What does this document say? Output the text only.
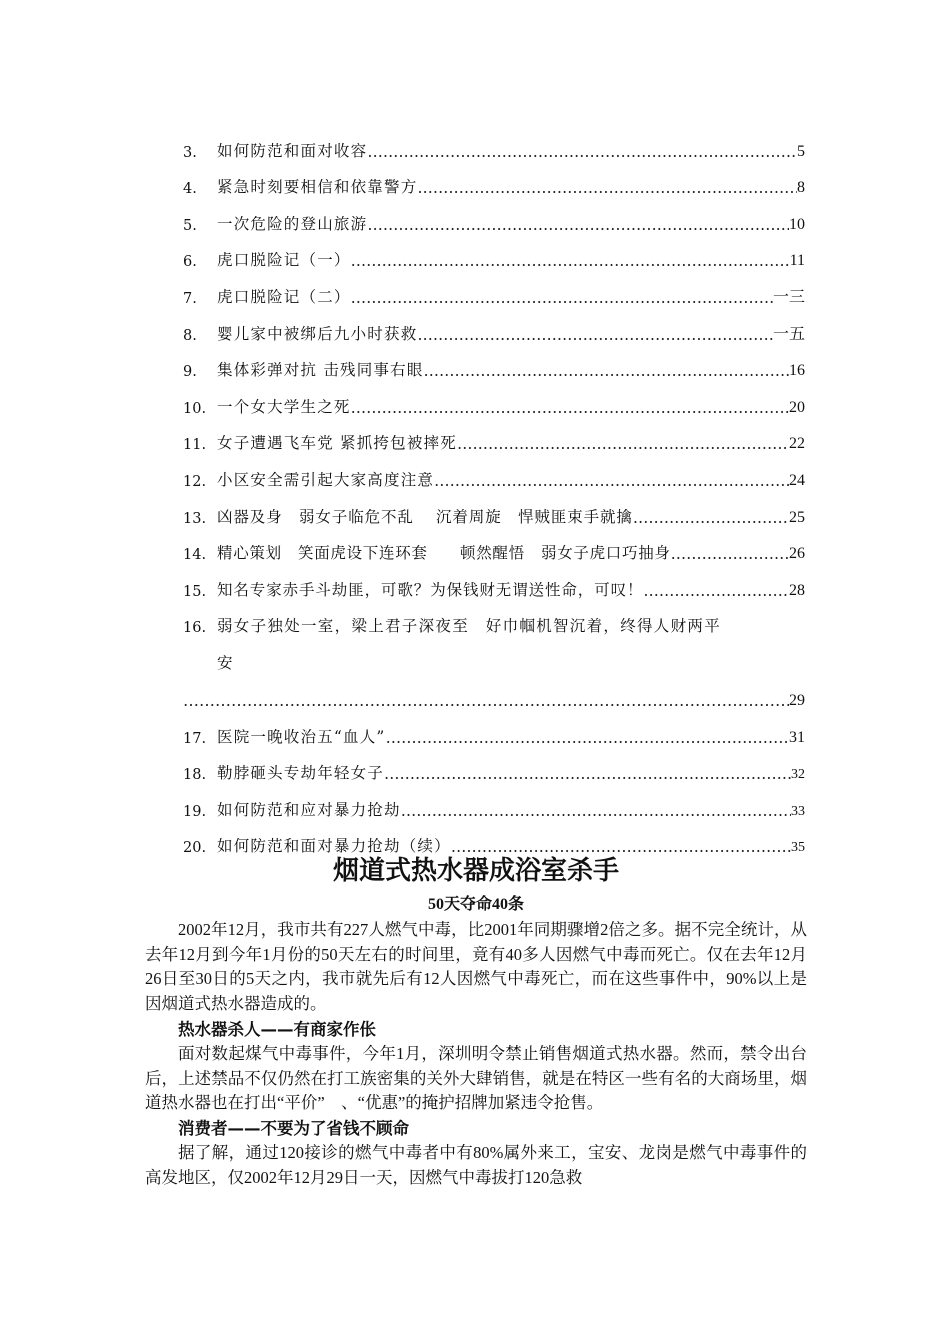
3.	如何防范和面对收容 …………………………………………………………………………………………………………………………………………………………………………………………	5
4.	紧急时刻要相信和依靠警方 …………………………………………………………………………………………………………………………………………………………………………………………	8
5.	一次危险的登山旅游 …………………………………………………………………………………………………………………………………………………………………………………………	10
6.	虎口脱险记（一） …………………………………………………………………………………………………………………………………………………………………………………………	11
7.	虎口脱险记（二） …………………………………………………………………………………………………………………………………………………………………………………………	一三
8.	婴儿家中被绑后九小时获救 …………………………………………………………………………………………………………………………………………………………………………………………	一五
9.	集体彩弹对抗 击残同事右眼 …………………………………………………………………………………………………………………………………………………………………………………………	16
10. 一个女大学生之死 …………………………………………………………………………………………………………………………………………………………………………………………	20
11. 女子遭遇飞车党 紧抓挎包被摔死 …………………………………………………………………………………………………………………………………………………………………………………………	22
12. 小区安全需引起大家高度注意 …………………………………………………………………………………………………………………………………………………………………………………………	24
13. 凶器及身　弱女子临危不乱　 沉着周旋　悍贼匪束手就擒 …………………………………………………………………………………………………………………………………………………………………………………………	25
14. 精心策划　笑面虎设下连环套　　顿然醒悟　弱女子虎口巧抽身 …………………………………………………………………………………………………………………………………………………………………………………………	26
15. 知名专家赤手斗劫匪，可歌？为保钱财无谓送性命，可叹！ …………………………………………………………………………………………………………………………………………………………………………………………	28
16. 弱女子独处一室，梁上君子深夜至　好巾帼机智沉着，终得人财两平
安
…………………………………………………………………………………………………………………………………………………………………………………………
29
17. 医院一晚收治五“血人” …………………………………………………………………………………………………………………………………………………………………………………………	31
18. 勒脖砸头专劫年轻女子 …………………………………………………………………………………………………………………………………………………………………………………………	32
19. 如何防范和应对暴力抢劫 …………………………………………………………………………………………………………………………………………………………………………………………	33
20. 如何防范和面对暴力抢劫（续） …………………………………………………………………………………………………………………………………………………………………………………………	35
烟道式热水器成浴室杀手
50天夺命40条

2002年12月，我市共有227人燃气中毒，比2001年同期骤增2倍之多。据不完全统计，从去年12月到今年1月份的50天左右的时间里，竟有40多人因燃气中毒而死亡。仅在去年12月26日至30日的5天之内，我市就先后有12人因燃气中毒死亡，而在这些事件中，90%以上是因烟道式热水器造成的。

热水器杀人——有商家作伥

面对数起煤气中毒事件，今年1月，深圳明令禁止销售烟道式热水器。然而，禁令出台后，上述禁品不仅仍然在打工族密集的关外大肆销售，就是在特区一些有名的大商场里，烟道热水器也在打出“平价”　、“优惠”的掩护招牌加紧违令抢售。

消费者——不要为了省钱不顾命

据了解，通过120接诊的燃气中毒者中有80%属外来工，宝安、龙岗是燃气中毒事件的高发地区，仅2002年12月29日一天，因燃气中毒拔打120急救
